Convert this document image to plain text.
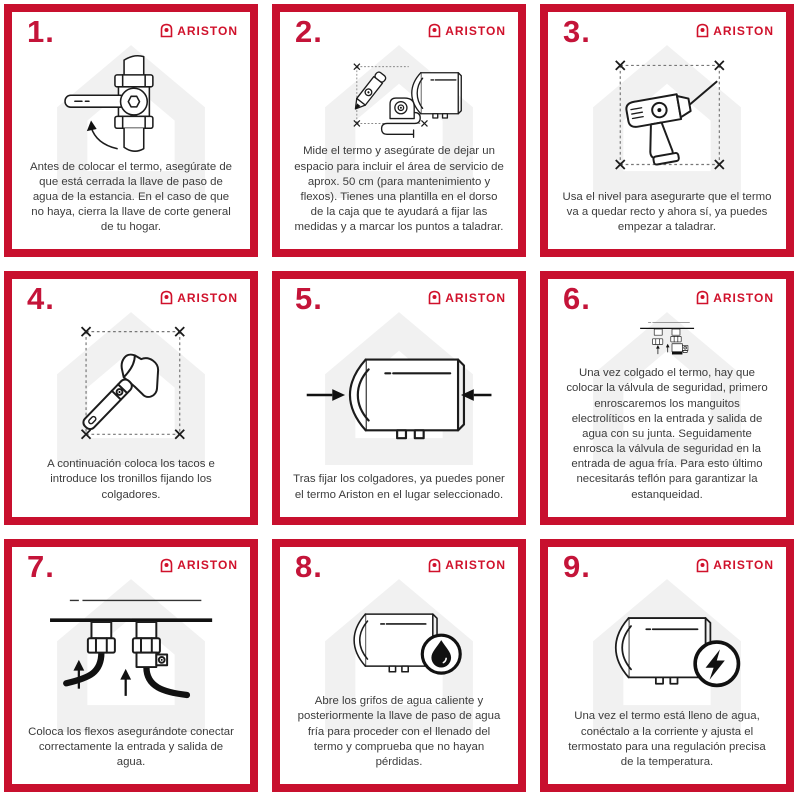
1.	ARISTON
Antes de colocar el termo, asegúrate de que está cerrada la llave de paso de agua de la estancia. En el caso de que no haya, cierra la llave de corte general de tu hogar.
2.	ARISTON
Mide el termo y asegúrate de dejar un espacio para incluir el área de servicio de aprox. 50 cm (para mantenimiento y flexos). Tienes una plantilla en el dorso de la caja que te ayudará a fijar las medidas y a marcar los puntos a taladrar.
3.	ARISTON
Usa el nivel para asegurarte que el termo va a quedar recto y ahora sí, ya puedes empezar a taladrar.
4.	ARISTON
A continuación coloca los tacos e introduce los tronillos fijando los colgadores.
5.	ARISTON
Tras fijar los colgadores, ya puedes poner el termo Ariston en el lugar seleccionado.
6.	ARISTON
Una vez colgado el termo, hay que colocar la válvula de seguridad, primero enroscaremos los manguitos electrolíticos en la entrada y salida de agua con su junta. Seguidamente enrosca la válvula de seguridad en la entrada de agua fría. Para esto último necesitarás teflón para garantizar la estanqueidad.
7.	ARISTON
Coloca los flexos asegurándote conectar correctamente la entrada y salida de agua.
8.	ARISTON
Abre los grifos de agua caliente y posteriormente la llave de paso de agua fría para proceder con el llenado del termo y comprueba que no hayan pérdidas.
9.	ARISTON
Una vez el termo está lleno de agua, conéctalo a la corriente y ajusta el termostato para una regulación precisa de la temperatura.
